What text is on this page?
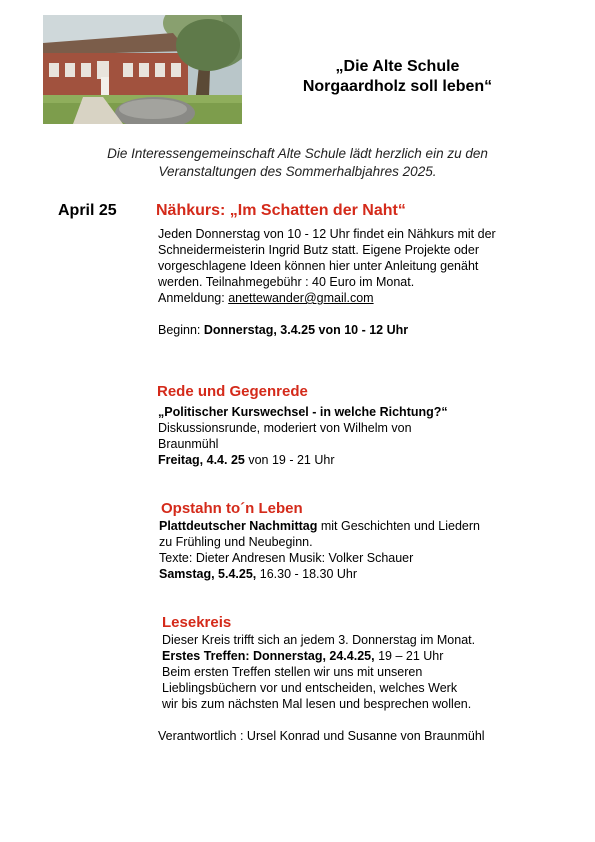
„Die Alte Schule
Norgaardholz soll leben“
Die Interessengemeinschaft Alte Schule lädt herzlich ein zu den
Veranstaltungen des Sommerhalbjahres 2025.
April 25 Nähkurs: „Im Schatten der Naht“
Jeden Donnerstag von 10 - 12 Uhr findet ein Nähkurs mit der
Schneidermeisterin Ingrid Butz statt. Eigene Projekte oder
vorgeschlagene Ideen können hier unter Anleitung genäht
werden. Teilnahmegebühr : 40 Euro im Monat.
Anmeldung: anettewander@gmail.com
Beginn: Donnerstag, 3.4.25 von 10 - 12 Uhr
Rede und Gegenrede
„Politischer Kurswechsel - in welche Richtung?“
Diskussionsrunde, moderiert von Wilhelm von
Braunmühl
Freitag, 4.4. 25 von 19 - 21 Uhr
Opstahn to´n Leben
Plattdeutscher Nachmittag mit Geschichten und Liedern
zu Frühling und Neubeginn.
Texte: Dieter Andresen Musik: Volker Schauer
Samstag, 5.4.25, 16.30 - 18.30 Uhr
Lesekreis
Dieser Kreis trifft sich an jedem 3. Donnerstag im Monat.
Erstes Treffen: Donnerstag, 24.4.25, 19 – 21 Uhr
Beim ersten Treffen stellen wir uns mit unseren
Lieblingsbüchern vor und entscheiden, welches Werk
wir bis zum nächsten Mal lesen und besprechen wollen.
Verantwortlich : Ursel Konrad und Susanne von Braunmühl
